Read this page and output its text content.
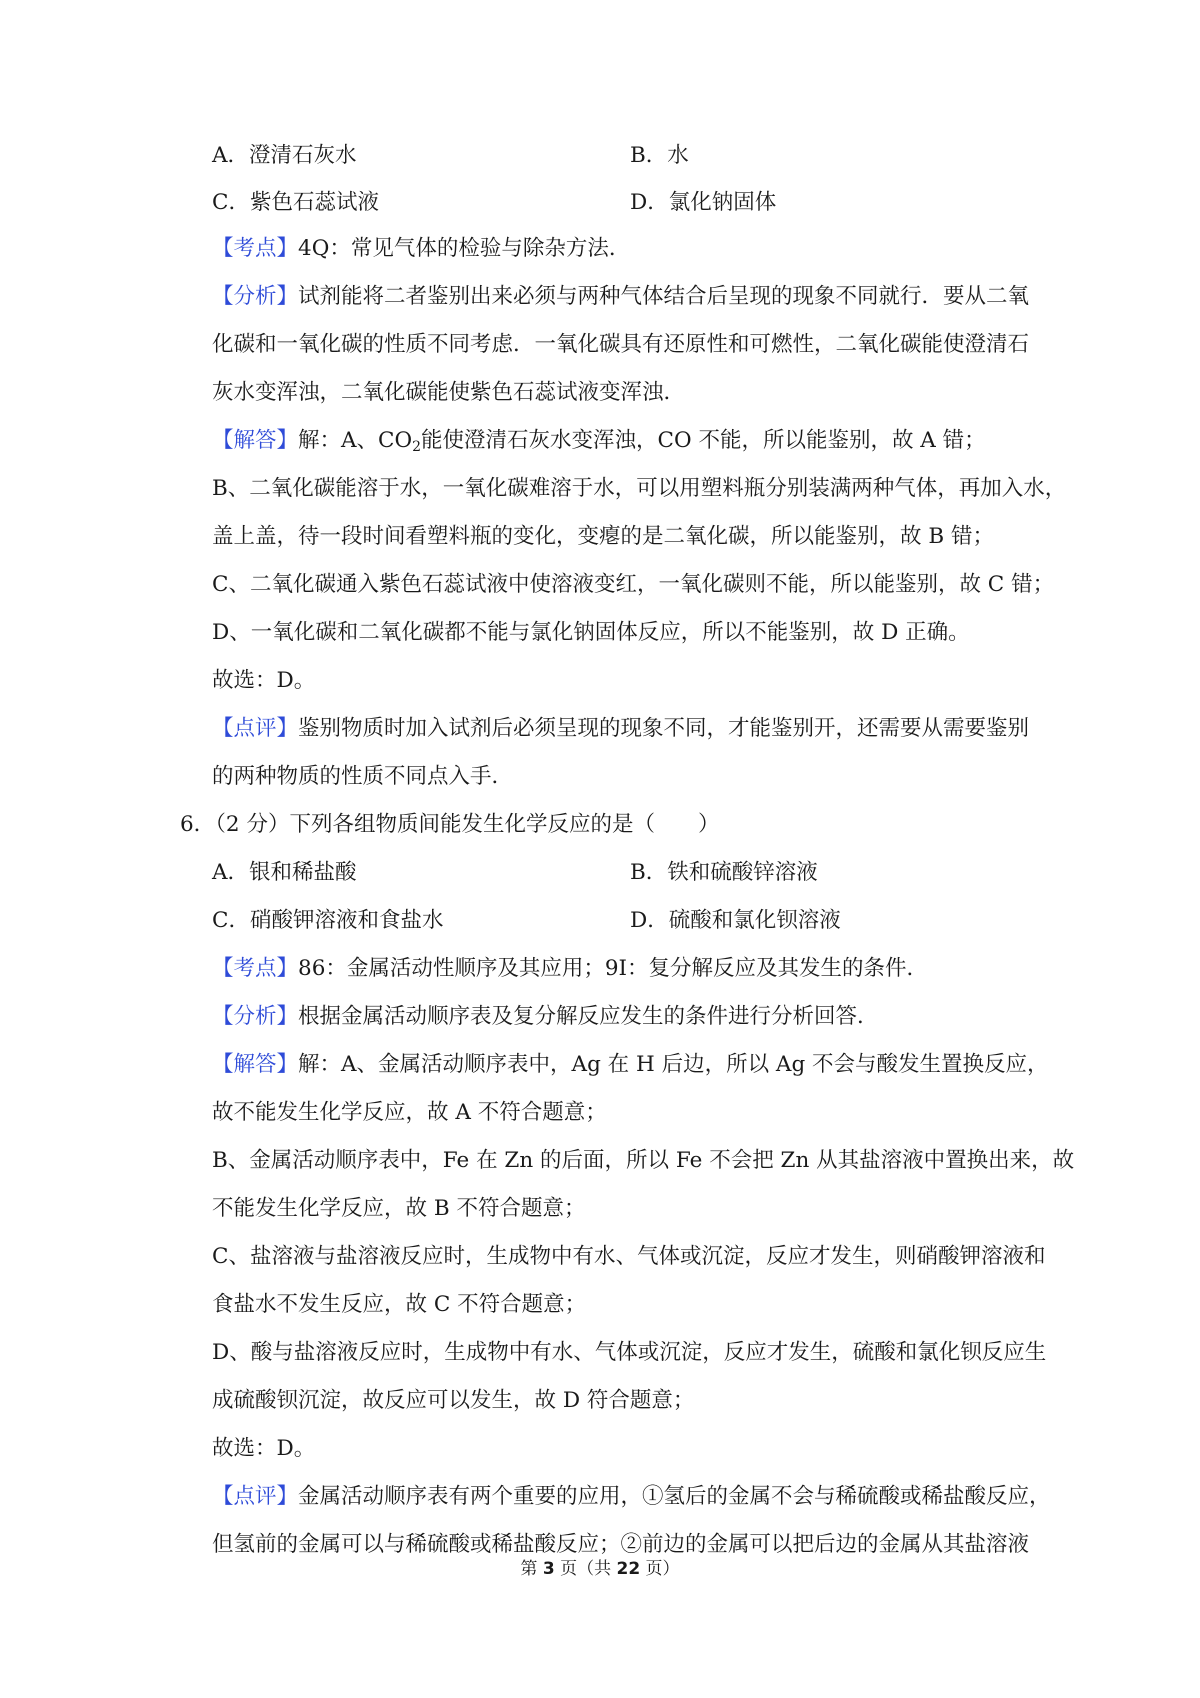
A．澄清石灰水	B．水
C．紫色石蕊试液	D．氯化钠固体
【考点】4Q：常见气体的检验与除杂方法．
【分析】试剂能将二者鉴别出来必须与两种气体结合后呈现的现象不同就行．要从二氧
化碳和一氧化碳的性质不同考虑．一氧化碳具有还原性和可燃性，二氧化碳能使澄清石
灰水变浑浊，二氧化碳能使紫色石蕊试液变浑浊．
【解答】解：A、$CO_2$能使澄清石灰水变浑浊，CO 不能，所以能鉴别，故 A 错；
B、二氧化碳能溶于水，一氧化碳难溶于水，可以用塑料瓶分别装满两种气体，再加入水，
盖上盖，待一段时间看塑料瓶的变化，变瘪的是二氧化碳，所以能鉴别，故 B 错；
C、二氧化碳通入紫色石蕊试液中使溶液变红，一氧化碳则不能，所以能鉴别，故 C 错；
D、一氧化碳和二氧化碳都不能与氯化钠固体反应，所以不能鉴别，故 D 正确。
故选：D。
【点评】鉴别物质时加入试剂后必须呈现的现象不同，才能鉴别开，还需要从需要鉴别
的两种物质的性质不同点入手．
6．（2 分）下列各组物质间能发生化学反应的是（　　）
A．银和稀盐酸	B．铁和硫酸锌溶液
C．硝酸钾溶液和食盐水	D．硫酸和氯化钡溶液
【考点】86：金属活动性顺序及其应用；9I：复分解反应及其发生的条件．
【分析】根据金属活动顺序表及复分解反应发生的条件进行分析回答．
【解答】解：A、金属活动顺序表中，Ag 在 H 后边，所以 Ag 不会与酸发生置换反应，
故不能发生化学反应，故 A 不符合题意；
B、金属活动顺序表中，Fe 在 Zn 的后面，所以 Fe 不会把 Zn 从其盐溶液中置换出来，故
不能发生化学反应，故 B 不符合题意；
C、盐溶液与盐溶液反应时，生成物中有水、气体或沉淀，反应才发生，则硝酸钾溶液和
食盐水不发生反应，故 C 不符合题意；
D、酸与盐溶液反应时，生成物中有水、气体或沉淀，反应才发生，硫酸和氯化钡反应生
成硫酸钡沉淀，故反应可以发生，故 D 符合题意；
故选：D。
【点评】金属活动顺序表有两个重要的应用，①氢后的金属不会与稀硫酸或稀盐酸反应，
但氢前的金属可以与稀硫酸或稀盐酸反应；②前边的金属可以把后边的金属从其盐溶液
第 3 页（共 22 页）
